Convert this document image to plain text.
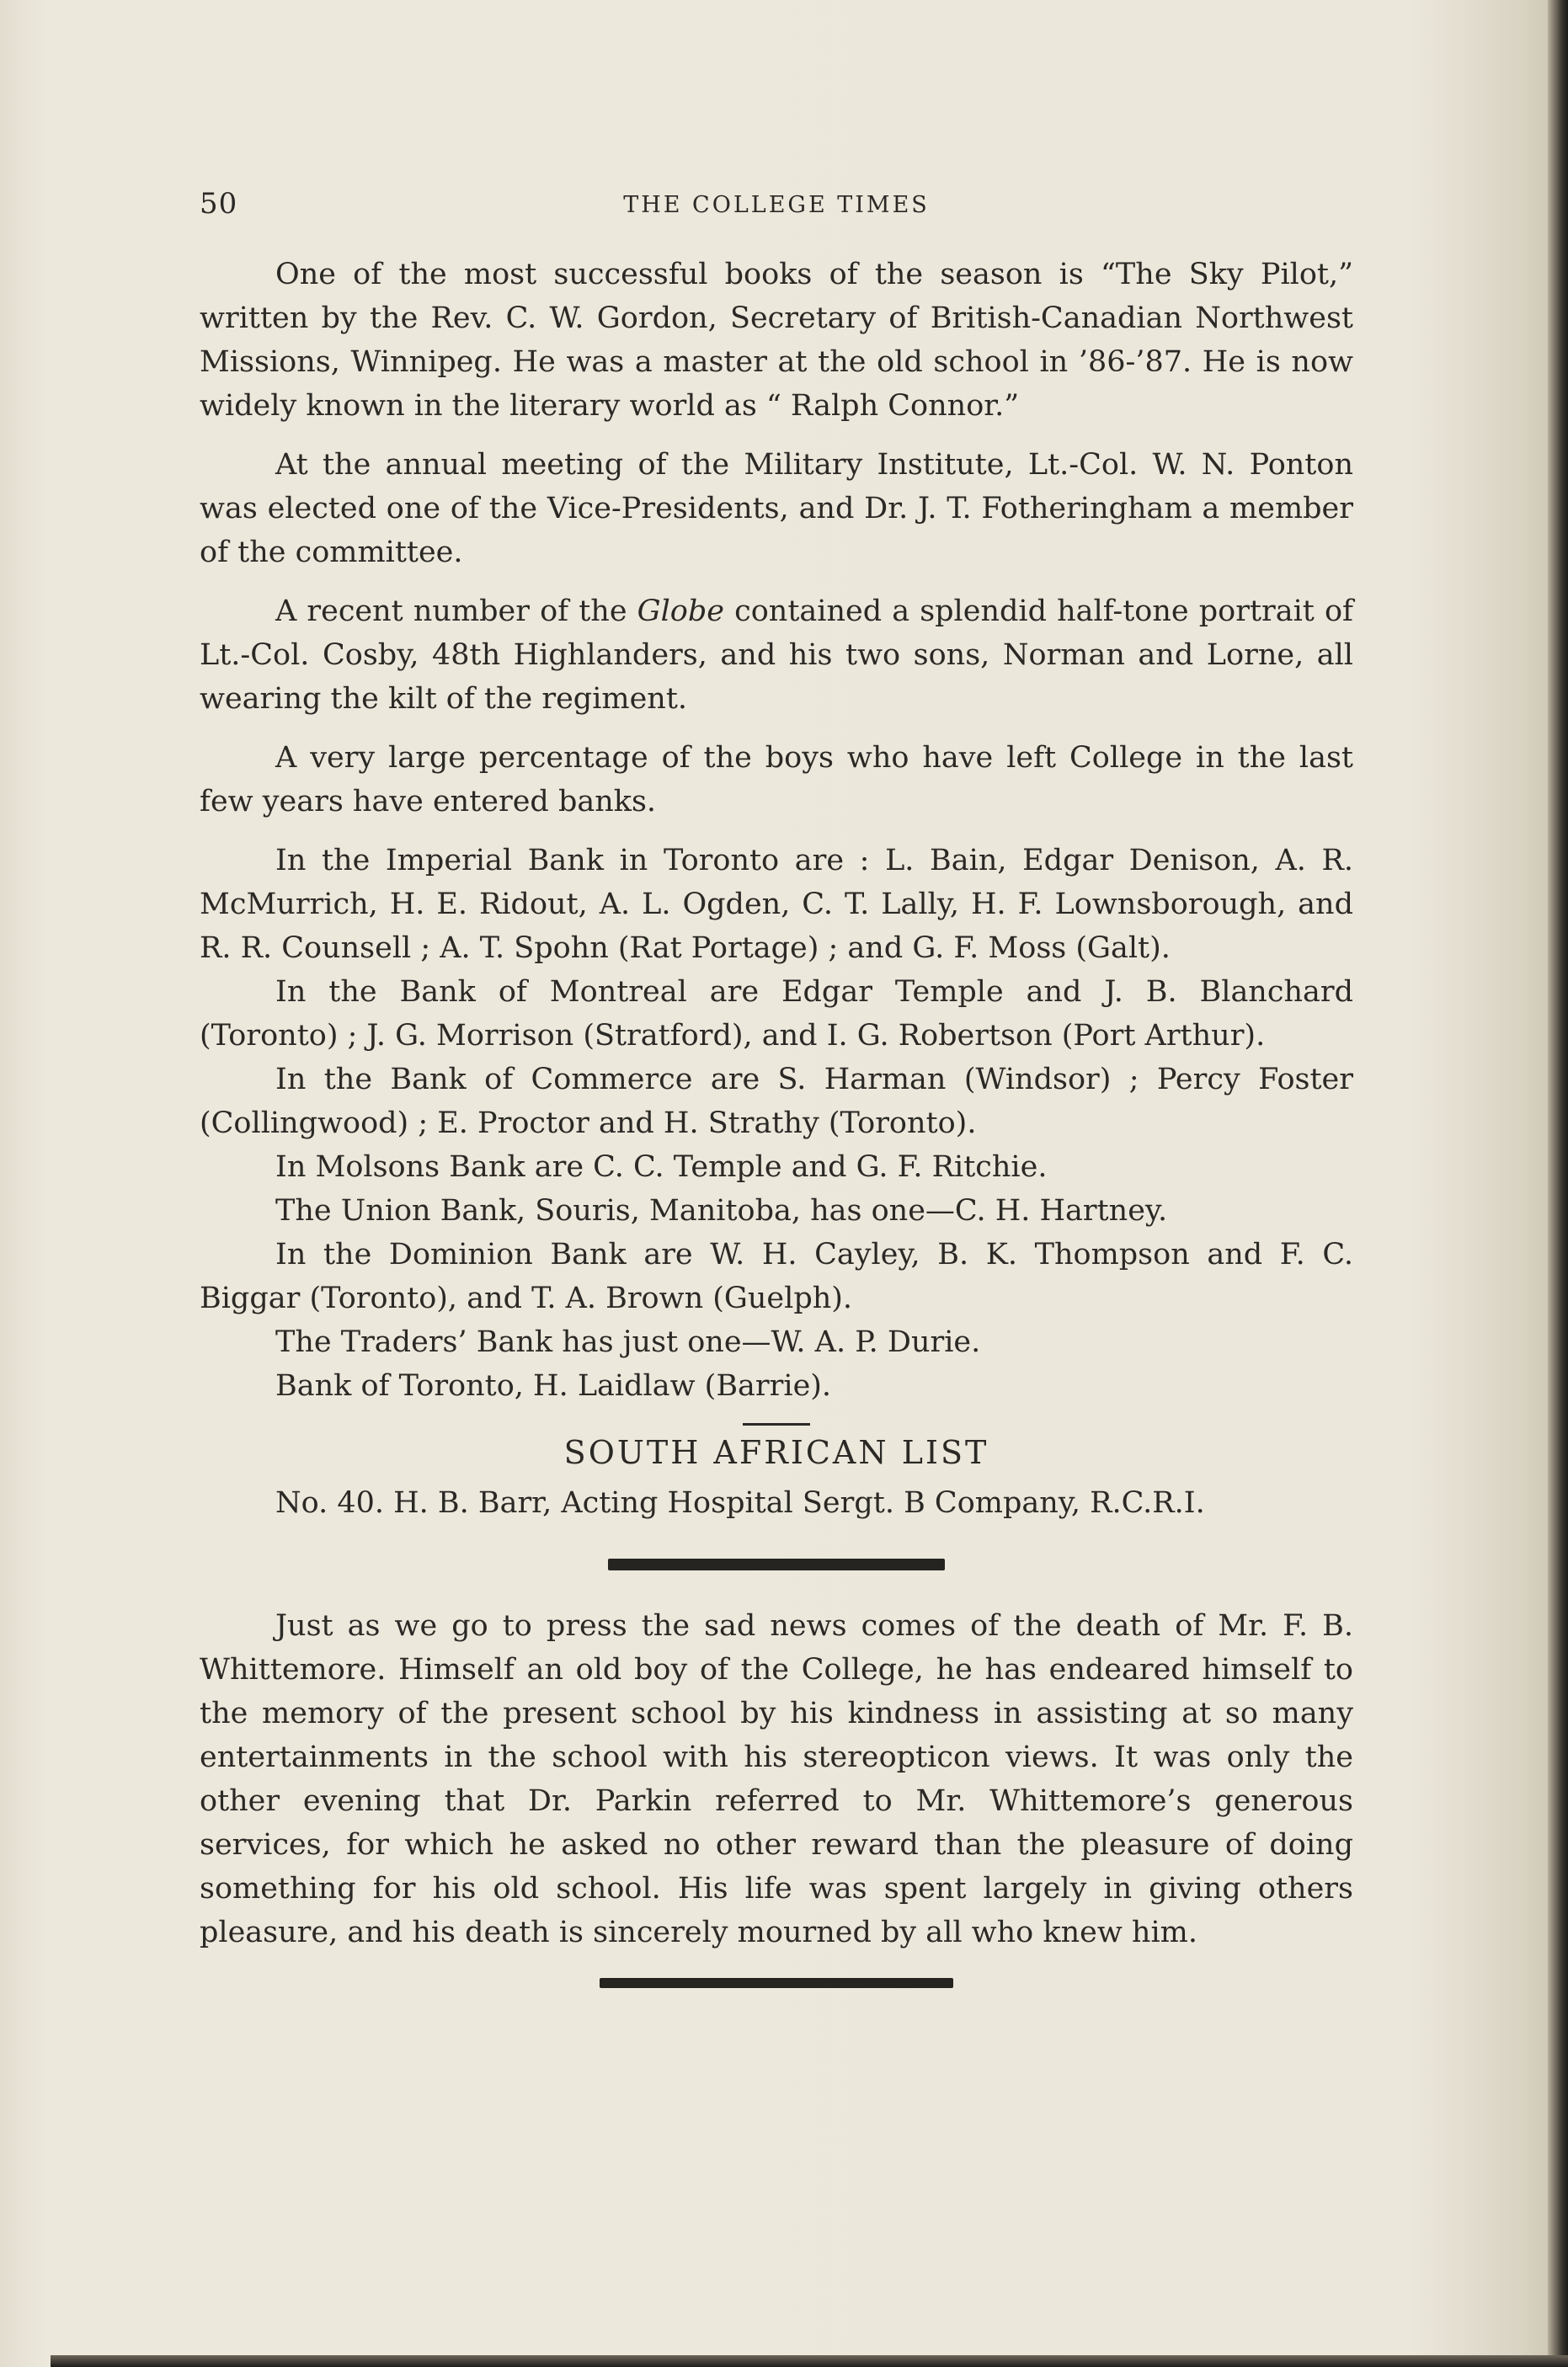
50	THE COLLEGE TIMES

One of the most successful books of the season is “The Sky Pilot,” written by the Rev. C. W. Gordon, Secretary of British-Canadian Northwest Missions, Winnipeg. He was a master at the old school in ’86-’87. He is now widely known in the literary world as “ Ralph Connor.”

At the annual meeting of the Military Institute, Lt.-Col. W. N. Ponton was elected one of the Vice-Presidents, and Dr. J. T. Fotheringham a member of the committee.

A recent number of the Globe contained a splendid half-tone portrait of Lt.-Col. Cosby, 48th Highlanders, and his two sons, Norman and Lorne, all wearing the kilt of the regiment.

A very large percentage of the boys who have left College in the last few years have entered banks.

In the Imperial Bank in Toronto are : L. Bain, Edgar Denison, A. R. McMurrich, H. E. Ridout, A. L. Ogden, C. T. Lally, H. F. Lownsborough, and R. R. Counsell ; A. T. Spohn (Rat Portage) ; and G. F. Moss (Galt).

In the Bank of Montreal are Edgar Temple and J. B. Blanchard (Toronto) ; J. G. Morrison (Stratford), and I. G. Robertson (Port Arthur).

In the Bank of Commerce are S. Harman (Windsor) ; Percy Foster (Collingwood) ; E. Proctor and H. Strathy (Toronto).

In Molsons Bank are C. C. Temple and G. F. Ritchie.

The Union Bank, Souris, Manitoba, has one—C. H. Hartney.

In the Dominion Bank are W. H. Cayley, B. K. Thompson and F. C. Biggar (Toronto), and T. A. Brown (Guelph).

The Traders’ Bank has just one—W. A. P. Durie.

Bank of Toronto, H. Laidlaw (Barrie).

SOUTH AFRICAN LIST

No. 40. H. B. Barr, Acting Hospital Sergt. B Company, R.C.R.I.

Just as we go to press the sad news comes of the death of Mr. F. B. Whittemore. Himself an old boy of the College, he has endeared himself to the memory of the present school by his kindness in assisting at so many entertainments in the school with his stereopticon views. It was only the other evening that Dr. Parkin referred to Mr. Whittemore’s generous services, for which he asked no other reward than the pleasure of doing something for his old school. His life was spent largely in giving others pleasure, and his death is sincerely mourned by all who knew him.
